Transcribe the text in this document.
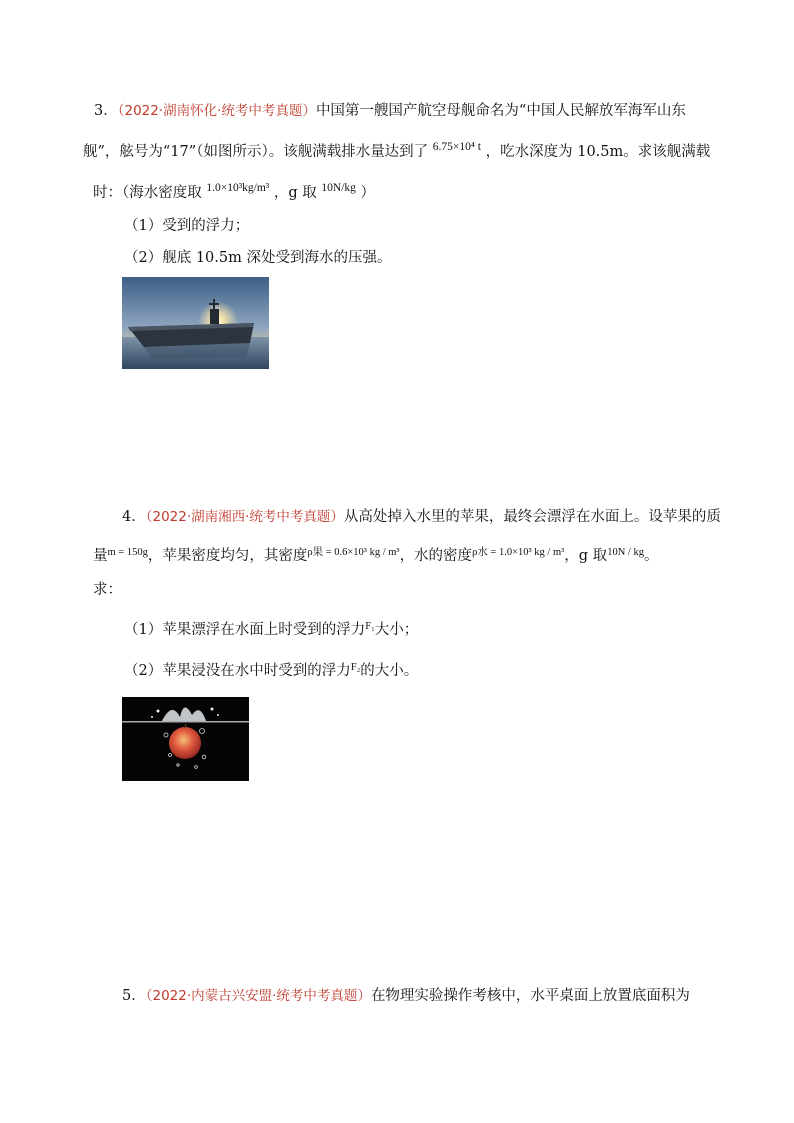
3．（2022·湖南怀化·统考中考真题）中国第一艘国产航空母舰命名为“中国人民解放军海军山东
舰”，舷号为“17”（如图所示）。该舰满载排水量达到了 $^{6.75\times 10^4 t}$ ，吃水深度为 10.5m。求该舰满载
时：（海水密度取 $^{1.0\times 10^3kg/m^3}$ ，g 取 $^{10N/kg}$ ）
（1）受到的浮力；
（2）舰底 10.5m 深处受到海水的压强。
4．（2022·湖南湘西·统考中考真题）从高处掉入水里的苹果，最终会漂浮在水面上。设苹果的质
量$^{m = 150g}$，苹果密度均匀，其密度$^{\rho 果 = 0.6\times 10^3 kg / m^3}$，水的密度$^{\rho 水 = 1.0\times 10^3 kg / m^3}$，g 取$^{10N / kg}$。
求：
（1）苹果漂浮在水面上时受到的浮力$^{F_1}$大小；
（2）苹果浸没在水中时受到的浮力$^{F_2}$的大小。
5．（2022·内蒙古兴安盟·统考中考真题）在物理实验操作考核中，水平桌面上放置底面积为
